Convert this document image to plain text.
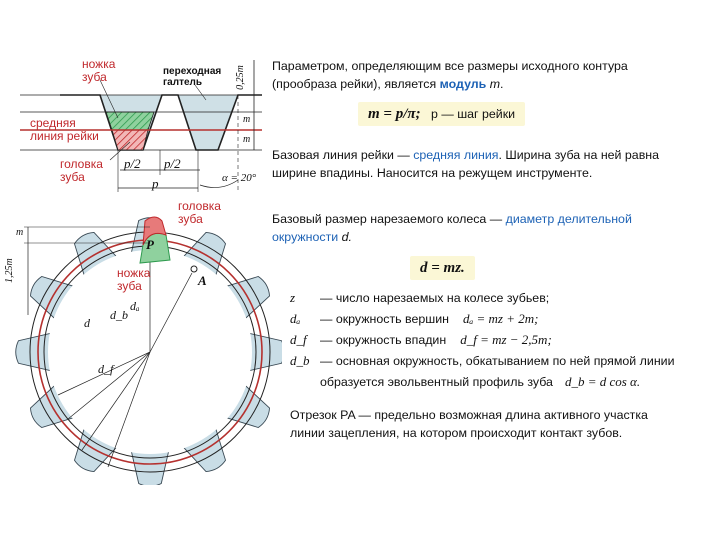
ножка зуба	переходная галтель
средняя линия рейки
головка зуба
p/2 p/2
p	α = 20°
0,25m
m
m
P
A
m
1,25m
dₐ
d
d_b
d_f
головка зуба
ножка зуба
Параметром, определяющим все размеры исходного контура
(прообраза рейки), является модуль m.
m = p/π; p — шаг рейки
Базовая линия рейки — средняя линия. Ширина зуба на ней равна
ширине впадины. Наносится на режущем инструменте.
Базовый размер нарезаемого колеса — диаметр делительной
окружности d.
d = mz.
z	— число нарезаемых на колесе зубьев;
dₐ	— окружность вершин dₐ = mz + 2m;
d_f — окружность впадин d_f = mz − 2,5m;
d_b — основная окружность, обкатыванием по ней прямой линии
образуется эвольвентный профиль зуба d_b = d cos α.
Отрезок PA — предельно возможная длина активного участка
линии зацепления, на котором происходит контакт зубов.
